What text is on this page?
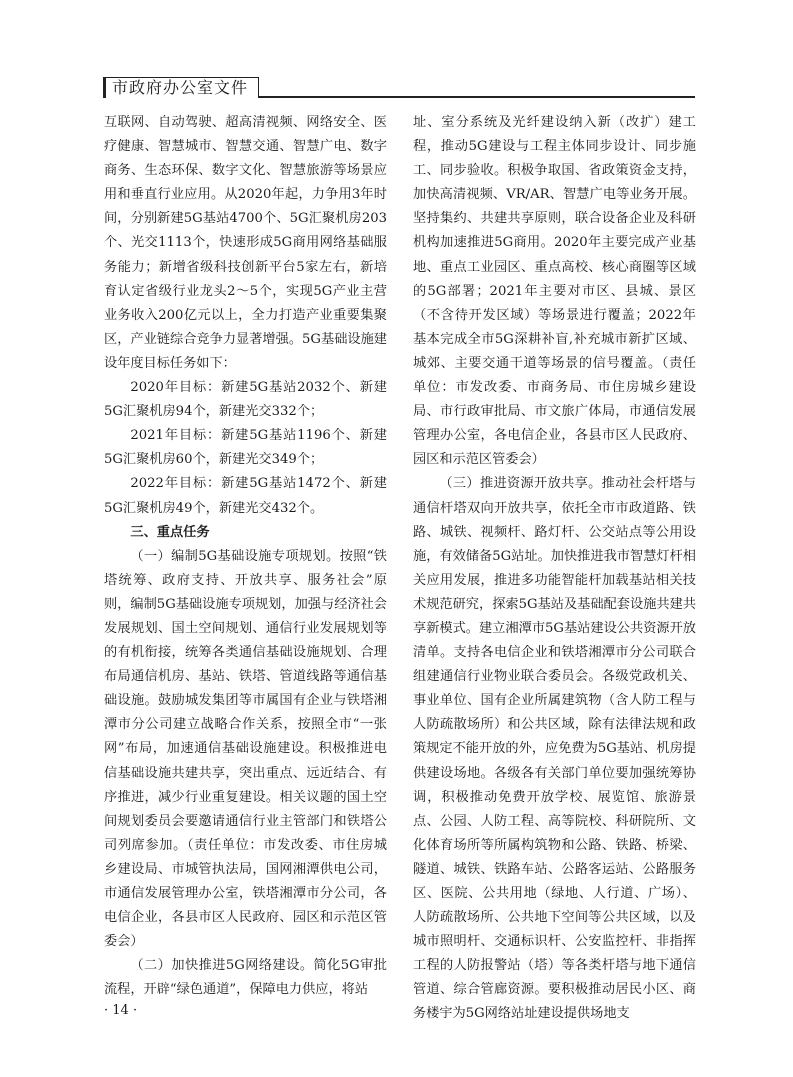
市政府办公室文件

互联网、自动驾驶、超高清视频、网络安全、医疗健康、智慧城市、智慧交通、智慧广电、数字商务、生态环保、数字文化、智慧旅游等场景应用和垂直行业应用。从2020年起，力争用3年时间，分别新建5G基站4700个、5G汇聚机房203个、光交1113个，快速形成5G商用网络基础服务能力；新增省级科技创新平台5家左右，新培育认定省级行业龙头2～5个，实现5G产业主营业务收入200亿元以上，全力打造产业重要集聚区，产业链综合竞争力显著增强。5G基础设施建设年度目标任务如下：

2020年目标：新建5G基站2032个、新建5G汇聚机房94个，新建光交332个；

2021年目标：新建5G基站1196个、新建5G汇聚机房60个，新建光交349个；

2022年目标：新建5G基站1472个、新建5G汇聚机房49个，新建光交432个。

三、重点任务

（一）编制5G基础设施专项规划。按照“铁塔统筹、政府支持、开放共享、服务社会”原则，编制5G基础设施专项规划，加强与经济社会发展规划、国土空间规划、通信行业发展规划等的有机衔接，统筹各类通信基础设施规划、合理布局通信机房、基站、铁塔、管道线路等通信基础设施。鼓励城发集团等市属国有企业与铁塔湘潭市分公司建立战略合作关系，按照全市“一张网”布局，加速通信基础设施建设。积极推进电信基础设施共建共享，突出重点、远近结合、有序推进，减少行业重复建设。相关议题的国土空间规划委员会要邀请通信行业主管部门和铁塔公司列席参加。（责任单位：市发改委、市住房城乡建设局、市城管执法局，国网湘潭供电公司，市通信发展管理办公室，铁塔湘潭市分公司，各电信企业，各县市区人民政府、园区和示范区管委会）

（二）加快推进5G网络建设。简化5G审批流程，开辟“绿色通道”，保障电力供应，将站

址、室分系统及光纤建设纳入新（改扩）建工程，推动5G建设与工程主体同步设计、同步施工、同步验收。积极争取国、省政策资金支持，加快高清视频、VR/AR、智慧广电等业务开展。坚持集约、共建共享原则，联合设备企业及科研机构加速推进5G商用。2020年主要完成产业基地、重点工业园区、重点高校、核心商圈等区域的5G部署；2021年主要对市区、县城、景区（不含待开发区域）等场景进行覆盖；2022年基本完成全市5G深耕补盲,补充城市新扩区域、城郊、主要交通干道等场景的信号覆盖。（责任单位：市发改委、市商务局、市住房城乡建设局、市行政审批局、市文旅广体局，市通信发展管理办公室，各电信企业，各县市区人民政府、园区和示范区管委会）

（三）推进资源开放共享。推动社会杆塔与通信杆塔双向开放共享，依托全市市政道路、铁路、城铁、视频杆、路灯杆、公交站点等公用设施，有效储备5G站址。加快推进我市智慧灯杆相关应用发展，推进多功能智能杆加载基站相关技术规范研究，探索5G基站及基础配套设施共建共享新模式。建立湘潭市5G基站建设公共资源开放清单。支持各电信企业和铁塔湘潭市分公司联合组建通信行业物业联合委员会。各级党政机关、事业单位、国有企业所属建筑物（含人防工程与人防疏散场所）和公共区域，除有法律法规和政策规定不能开放的外，应免费为5G基站、机房提供建设场地。各级各有关部门单位要加强统筹协调，积极推动免费开放学校、展览馆、旅游景点、公园、人防工程、高等院校、科研院所、文化体育场所等所属构筑物和公路、铁路、桥梁、隧道、城铁、铁路车站、公路客运站、公路服务区、医院、公共用地（绿地、人行道、广场）、人防疏散场所、公共地下空间等公共区域，以及城市照明杆、交通标识杆、公安监控杆、非指挥工程的人防报警站（塔）等各类杆塔与地下通信管道、综合管廊资源。要积极推动居民小区、商务楼宇为5G网络站址建设提供场地支

· 14 ·
